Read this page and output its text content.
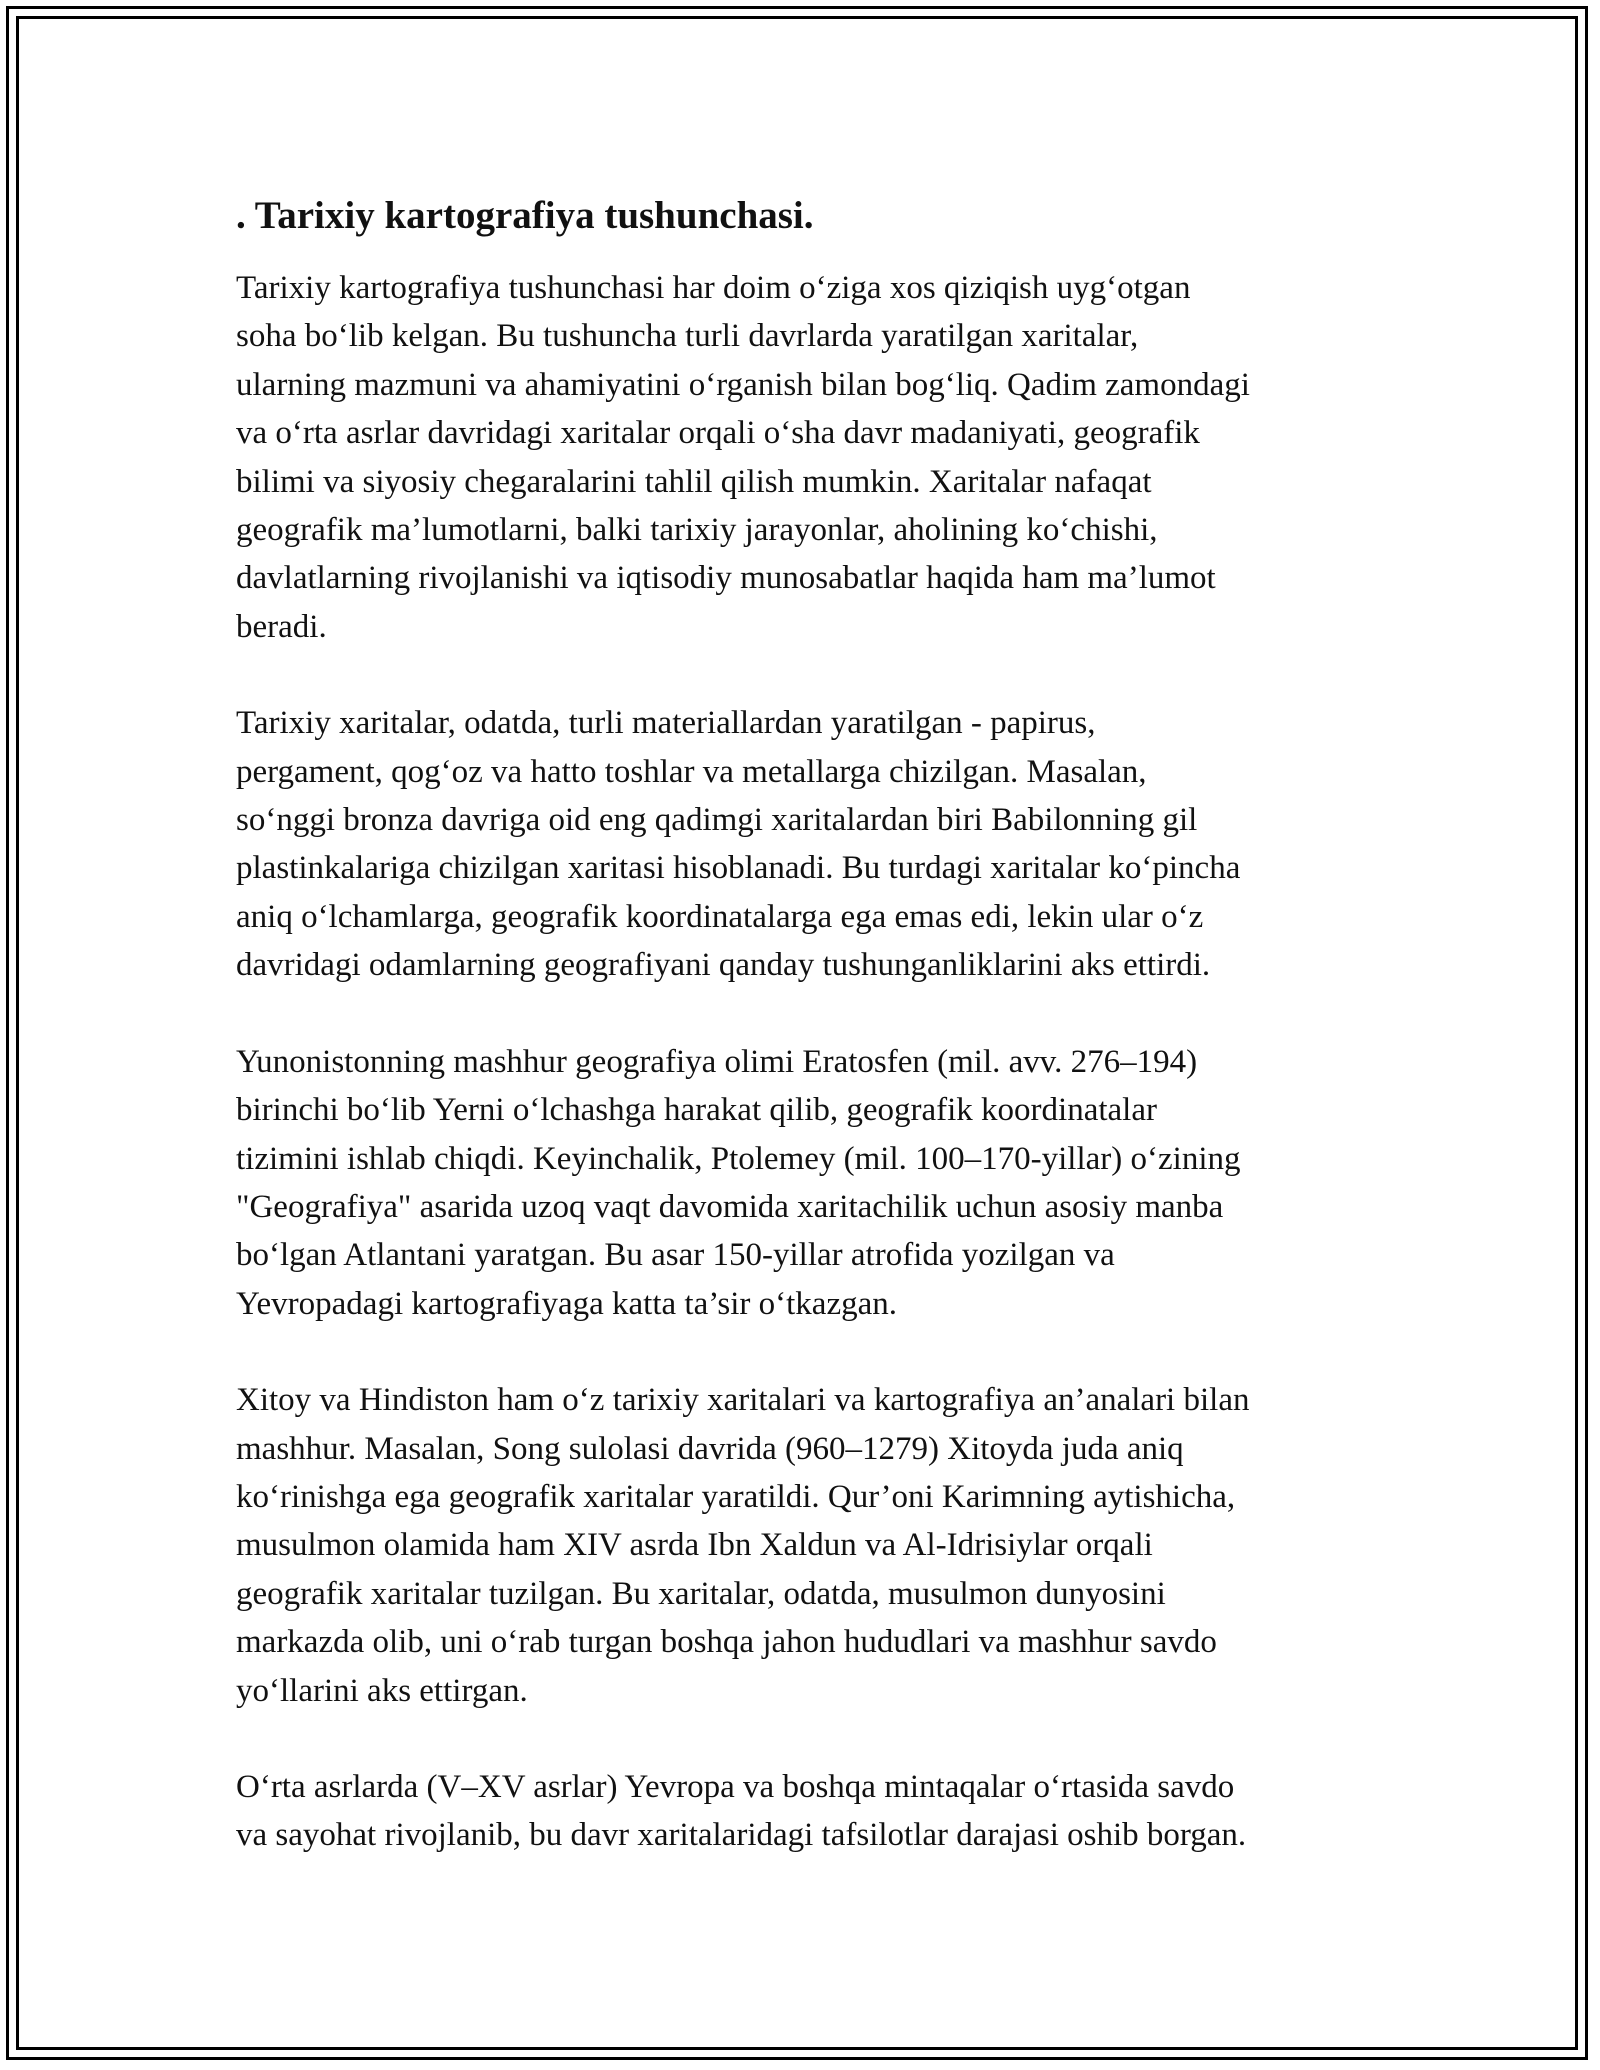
. Tarixiy kartografiya tushunchasi.

Tarixiy kartografiya tushunchasi har doim o‘ziga xos qiziqish uyg‘otgan
soha bo‘lib kelgan. Bu tushuncha turli davrlarda yaratilgan xaritalar,
ularning mazmuni va ahamiyatini o‘rganish bilan bog‘liq. Qadim zamondagi
va o‘rta asrlar davridagi xaritalar orqali o‘sha davr madaniyati, geografik
bilimi va siyosiy chegaralarini tahlil qilish mumkin. Xaritalar nafaqat
geografik ma’lumotlarni, balki tarixiy jarayonlar, aholining ko‘chishi,
davlatlarning rivojlanishi va iqtisodiy munosabatlar haqida ham ma’lumot
beradi.

Tarixiy xaritalar, odatda, turli materiallardan yaratilgan - papirus,
pergament, qog‘oz va hatto toshlar va metallarga chizilgan. Masalan,
so‘nggi bronza davriga oid eng qadimgi xaritalardan biri Babilonning gil
plastinkalariga chizilgan xaritasi hisoblanadi. Bu turdagi xaritalar ko‘pincha
aniq o‘lchamlarga, geografik koordinatalarga ega emas edi, lekin ular o‘z
davridagi odamlarning geografiyani qanday tushunganliklarini aks ettirdi.

Yunonistonning mashhur geografiya olimi Eratosfen (mil. avv. 276–194)
birinchi bo‘lib Yerni o‘lchashga harakat qilib, geografik koordinatalar
tizimini ishlab chiqdi. Keyinchalik, Ptolemey (mil. 100–170-yillar) o‘zining
"Geografiya" asarida uzoq vaqt davomida xaritachilik uchun asosiy manba
bo‘lgan Atlantani yaratgan. Bu asar 150-yillar atrofida yozilgan va
Yevropadagi kartografiyaga katta ta’sir o‘tkazgan.

Xitoy va Hindiston ham o‘z tarixiy xaritalari va kartografiya an’analari bilan
mashhur. Masalan, Song sulolasi davrida (960–1279) Xitoyda juda aniq
ko‘rinishga ega geografik xaritalar yaratildi. Qur’oni Karimning aytishicha,
musulmon olamida ham XIV asrda Ibn Xaldun va Al-Idrisiylar orqali
geografik xaritalar tuzilgan. Bu xaritalar, odatda, musulmon dunyosini
markazda olib, uni o‘rab turgan boshqa jahon hududlari va mashhur savdo
yo‘llarini aks ettirgan.

O‘rta asrlarda (V–XV asrlar) Yevropa va boshqa mintaqalar o‘rtasida savdo
va sayohat rivojlanib, bu davr xaritalaridagi tafsilotlar darajasi oshib borgan.
